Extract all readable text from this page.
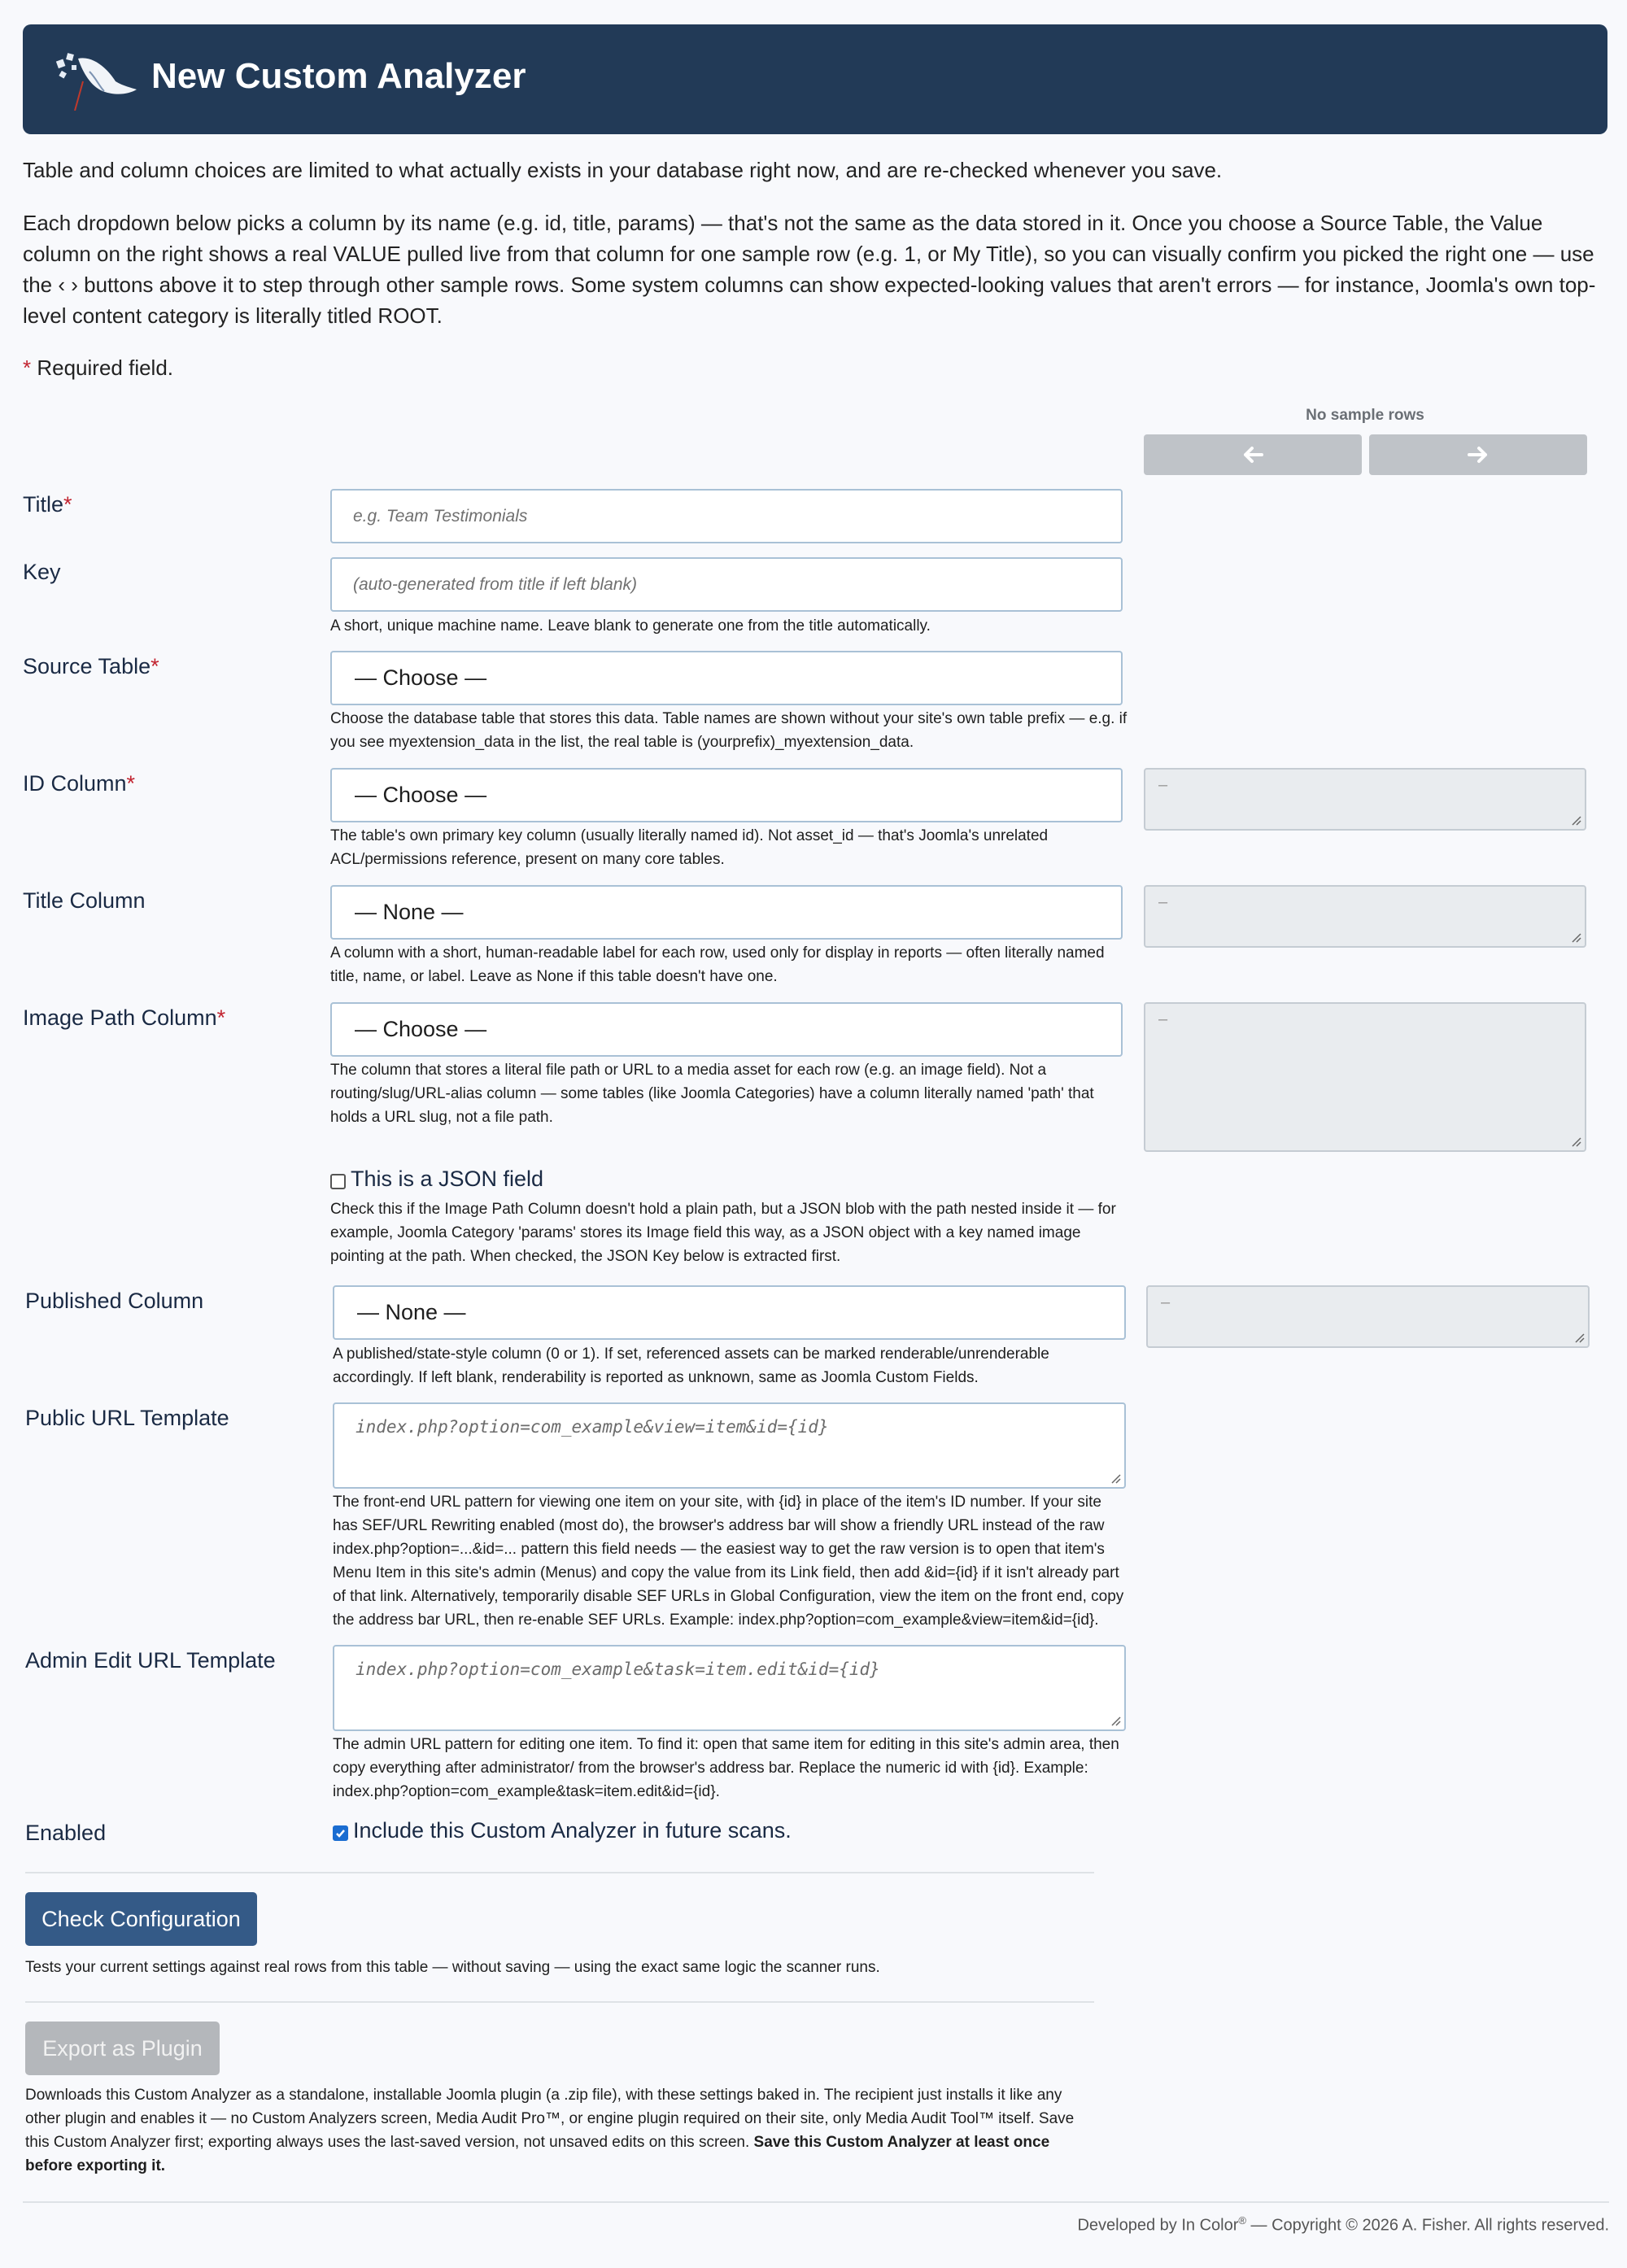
New Custom Analyzer

Table and column choices are limited to what actually exists in your database right now, and are re-checked whenever you save.

Each dropdown below picks a column by its name (e.g. id, title, params) — that's not the same as the data stored in it. Once you choose a Source Table, the Value column on the right shows a real VALUE pulled live from that column for one sample row (e.g. 1, or My Title), so you can visually confirm you picked the right one — use the ‹ › buttons above it to step through other sample rows. Some system columns can show expected-looking values that aren't errors — for instance, Joomla's own top-level content category is literally titled ROOT.

* Required field.

No sample rows
Title*	e.g. Team Testimonials
Key	(auto-generated from title if left blank)

A short, unique machine name. Leave blank to generate one from the title automatically.

Source Table*	— Choose —

Choose the database table that stores this data. Table names are shown without your site's own table prefix — e.g. if you see myextension_data in the list, the real table is (yourprefix)_myextension_data.

ID Column*	— Choose —	–

The table's own primary key column (usually literally named id). Not asset_id — that's Joomla's unrelated ACL/permissions reference, present on many core tables.

Title Column	— None —	–

A column with a short, human-readable label for each row, used only for display in reports — often literally named title, name, or label. Leave as None if this table doesn't have one.

Image Path Column*	— Choose —	–

The column that stores a literal file path or URL to a media asset for each row (e.g. an image field). Not a routing/slug/URL-alias column — some tables (like Joomla Categories) have a column literally named 'path' that holds a URL slug, not a file path.

This is a JSON field

Check this if the Image Path Column doesn't hold a plain path, but a JSON blob with the path nested inside it — for example, Joomla Category 'params' stores its Image field this way, as a JSON object with a key named image pointing at the path. When checked, the JSON Key below is extracted first.

Published Column	— None —	–

A published/state-style column (0 or 1). If set, referenced assets can be marked renderable/unrenderable accordingly. If left blank, renderability is reported as unknown, same as Joomla Custom Fields.

Public URL Template	index.php?option=com_example&view=item&id={id}

The front-end URL pattern for viewing one item on your site, with {id} in place of the item's ID number. If your site has SEF/URL Rewriting enabled (most do), the browser's address bar will show a friendly URL instead of the raw index.php?option=...&id=... pattern this field needs — the easiest way to get the raw version is to open that item's Menu Item in this site's admin (Menus) and copy the value from its Link field, then add &id={id} if it isn't already part of that link. Alternatively, temporarily disable SEF URLs in Global Configuration, view the item on the front end, copy the address bar URL, then re-enable SEF URLs. Example: index.php?option=com_example&view=item&id={id}.

Admin Edit URL Template	index.php?option=com_example&task=item.edit&id={id}

The admin URL pattern for editing one item. To find it: open that same item for editing in this site's admin area, then copy everything after administrator/ from the browser's address bar. Replace the numeric id with {id}. Example: index.php?option=com_example&task=item.edit&id={id}.

Enabled	Include this Custom Analyzer in future scans.
Check Configuration

Tests your current settings against real rows from this table — without saving — using the exact same logic the scanner runs.

Export as Plugin

Downloads this Custom Analyzer as a standalone, installable Joomla plugin (a .zip file), with these settings baked in. The recipient just installs it like any other plugin and enables it — no Custom Analyzers screen, Media Audit Pro™, or engine plugin required on their site, only Media Audit Tool™ itself. Save this Custom Analyzer first; exporting always uses the last-saved version, not unsaved edits on this screen. Save this Custom Analyzer at least once before exporting it.

Developed by In Color® — Copyright © 2026 A. Fisher. All rights reserved.
